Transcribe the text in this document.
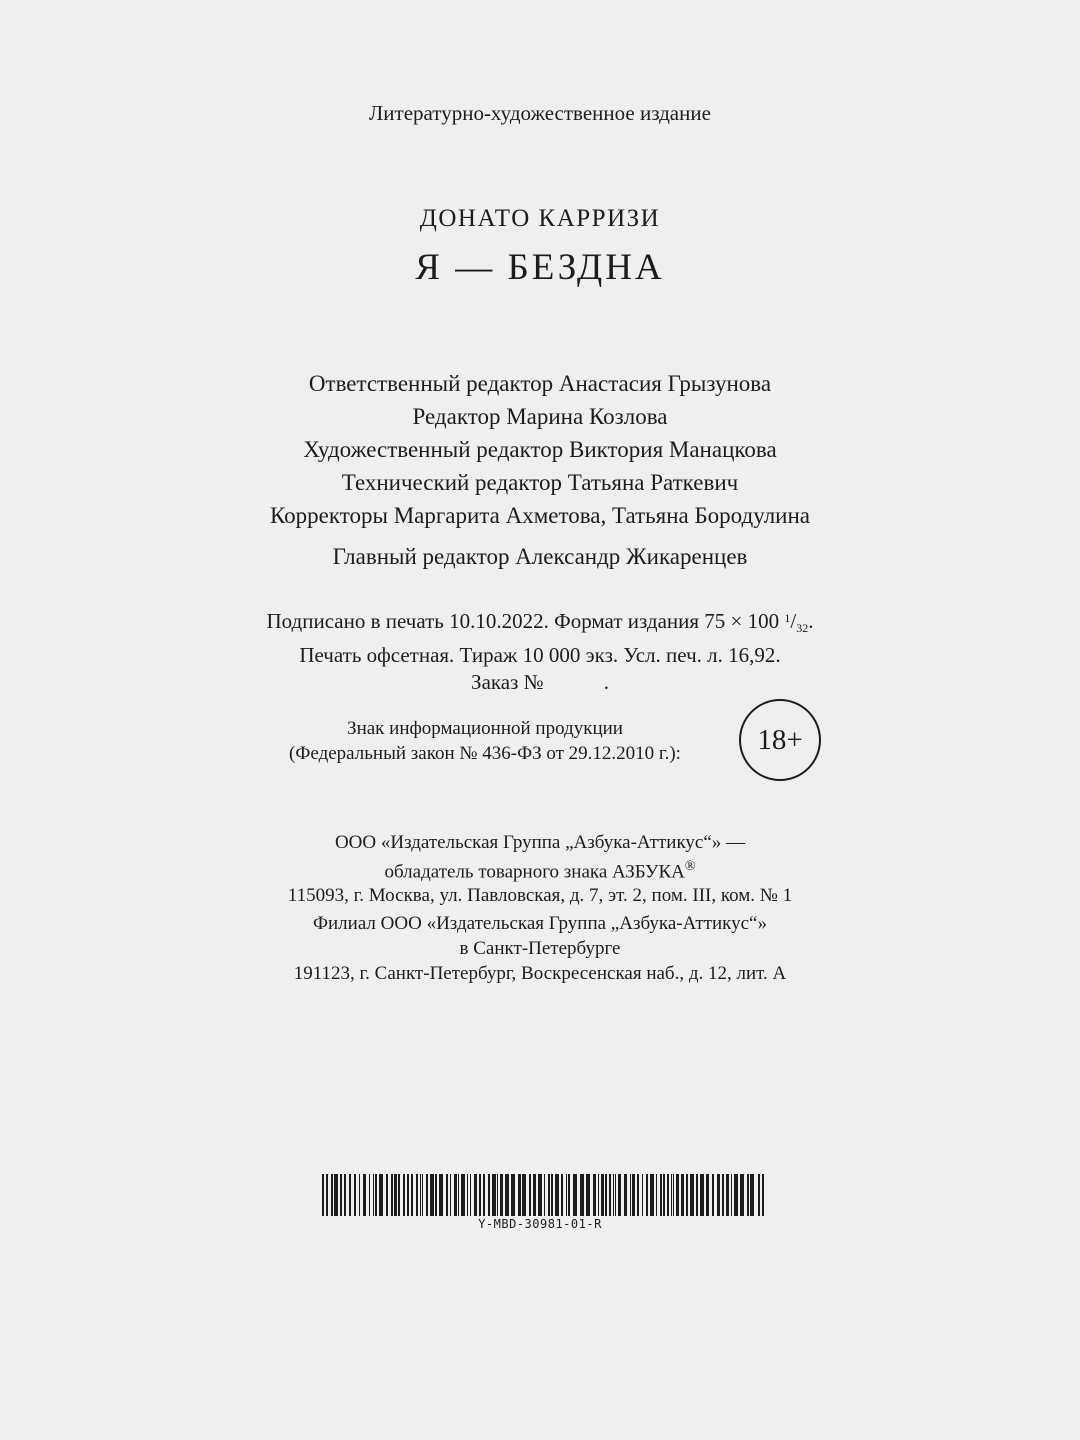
Литературно-художественное издание
ДОНАТО КАРРИЗИ
Я — БЕЗДНА
Ответственный редактор Анастасия Грызунова
Редактор Марина Козлова
Художественный редактор Виктория Манацкова
Технический редактор Татьяна Раткевич
Корректоры Маргарита Ахметова, Татьяна Бородулина
Главный редактор Александр Жикаренцев
Подписано в печать 10.10.2022. Формат издания 75 × 100 $^1/_{32}$.
Печать офсетная. Тираж 10 000 экз. Усл. печ. л. 16,92.
Заказ №	.
Знак информационной продукции
(Федеральный закон № 436-ФЗ от 29.12.2010 г.):	18+
ООО «Издательская Группа „Азбука-Аттикус“» —
обладатель товарного знака АЗБУКА®
115093, г. Москва, ул. Павловская, д. 7, эт. 2, пом. III, ком. № 1
Филиал ООО «Издательская Группа „Азбука-Аттикус“»
в Санкт-Петербурге
191123, г. Санкт-Петербург, Воскресенская наб., д. 12, лит. А
Y-MBD-30981-01-R
